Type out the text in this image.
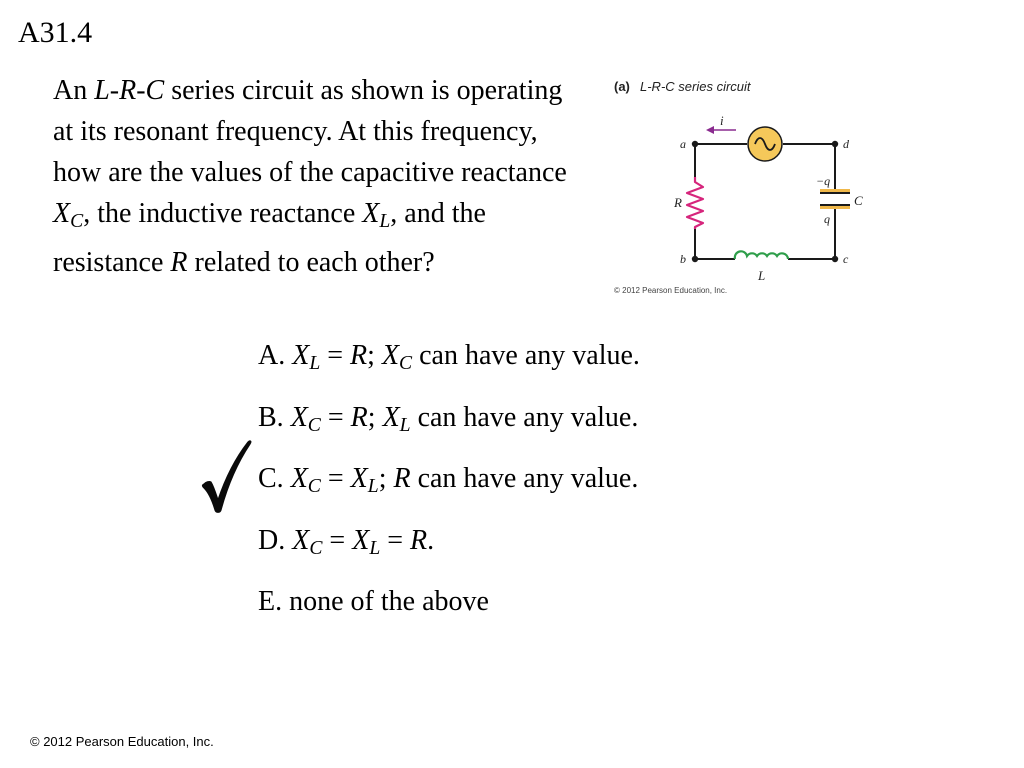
A31.4
An L-R-C series circuit as shown is operating at its resonant frequency. At this frequency, how are the values of the capacitive reactance $X_C$, the inductive reactance $X_L$, and the resistance R related to each other?
(a) L-R-C series circuit
a	d
b	c
i
R
L
C
−q
q
© 2012 Pearson Education, Inc.
A. $X_L = R$; $X_C$ can have any value.
B. $X_C = R$; $X_L$ can have any value.
C. $X_C = X_L$; R can have any value.
D. $X_C = X_L = R$.
E. none of the above
© 2012 Pearson Education, Inc.
